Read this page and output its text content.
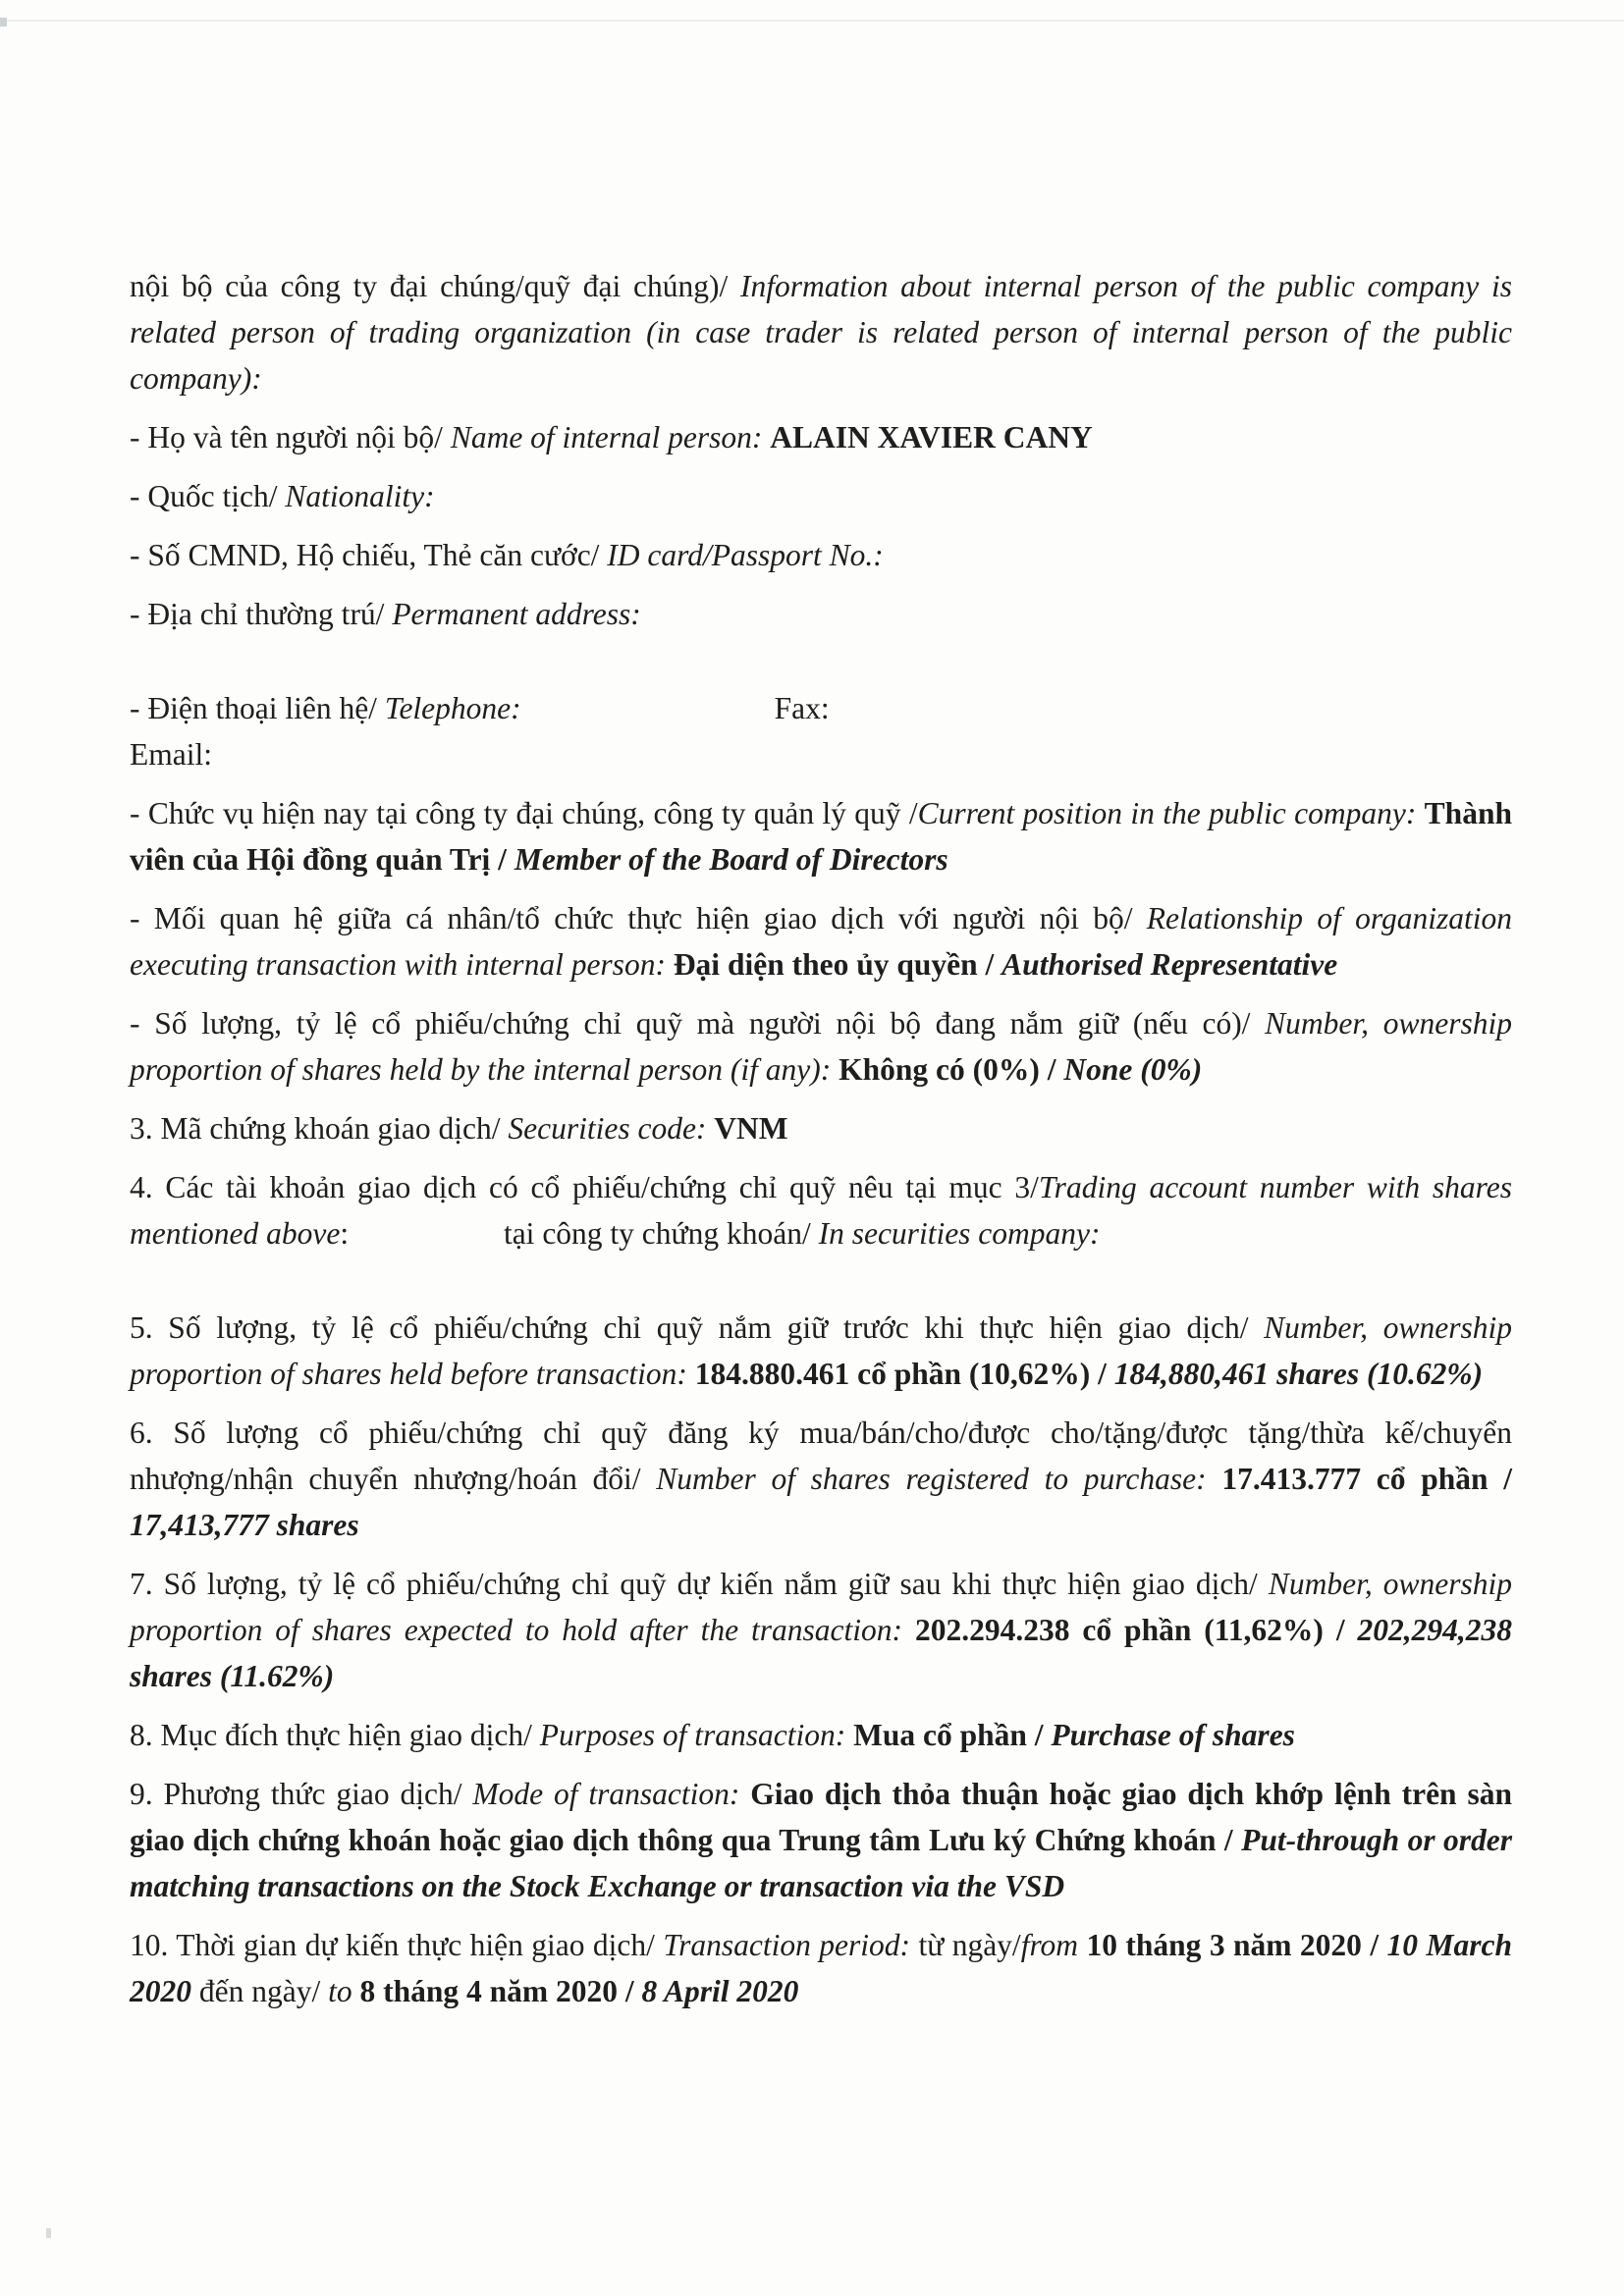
nội bộ của công ty đại chúng/quỹ đại chúng)/ Information about internal person of the public company is related person of trading organization (in case trader is related person of internal person of the public company):

- Họ và tên người nội bộ/ Name of internal person: ALAIN XAVIER CANY

- Quốc tịch/ Nationality:

- Số CMND, Hộ chiếu, Thẻ căn cước/ ID card/Passport No.:

- Địa chỉ thường trú/ Permanent address:

- Điện thoại liên hệ/ Telephone:	Fax:
Email:

- Chức vụ hiện nay tại công ty đại chúng, công ty quản lý quỹ /Current position in the public company: Thành viên của Hội đồng quản Trị / Member of the Board of Directors

- Mối quan hệ giữa cá nhân/tổ chức thực hiện giao dịch với người nội bộ/ Relationship of organization executing transaction with internal person: Đại diện theo ủy quyền / Authorised Representative

- Số lượng, tỷ lệ cổ phiếu/chứng chỉ quỹ mà người nội bộ đang nắm giữ (nếu có)/ Number, ownership proportion of shares held by the internal person (if any): Không có (0%) / None (0%)

3. Mã chứng khoán giao dịch/ Securities code: VNM

4. Các tài khoản giao dịch có cổ phiếu/chứng chỉ quỹ nêu tại mục 3/Trading account number with shares mentioned above:	tại công ty chứng khoán/ In securities company:

5. Số lượng, tỷ lệ cổ phiếu/chứng chỉ quỹ nắm giữ trước khi thực hiện giao dịch/ Number, ownership proportion of shares held before transaction: 184.880.461 cổ phần (10,62%) / 184,880,461 shares (10.62%)

6. Số lượng cổ phiếu/chứng chỉ quỹ đăng ký mua/bán/cho/được cho/tặng/được tặng/thừa kế/chuyển nhượng/nhận chuyển nhượng/hoán đổi/ Number of shares registered to purchase: 17.413.777 cổ phần / 17,413,777 shares

7. Số lượng, tỷ lệ cổ phiếu/chứng chỉ quỹ dự kiến nắm giữ sau khi thực hiện giao dịch/ Number, ownership proportion of shares expected to hold after the transaction: 202.294.238 cổ phần (11,62%) / 202,294,238 shares (11.62%)

8. Mục đích thực hiện giao dịch/ Purposes of transaction: Mua cổ phần / Purchase of shares

9. Phương thức giao dịch/ Mode of transaction: Giao dịch thỏa thuận hoặc giao dịch khớp lệnh trên sàn giao dịch chứng khoán hoặc giao dịch thông qua Trung tâm Lưu ký Chứng khoán / Put-through or order matching transactions on the Stock Exchange or transaction via the VSD

10. Thời gian dự kiến thực hiện giao dịch/ Transaction period: từ ngày/from 10 tháng 3 năm 2020 / 10 March 2020 đến ngày/ to 8 tháng 4 năm 2020 / 8 April 2020
